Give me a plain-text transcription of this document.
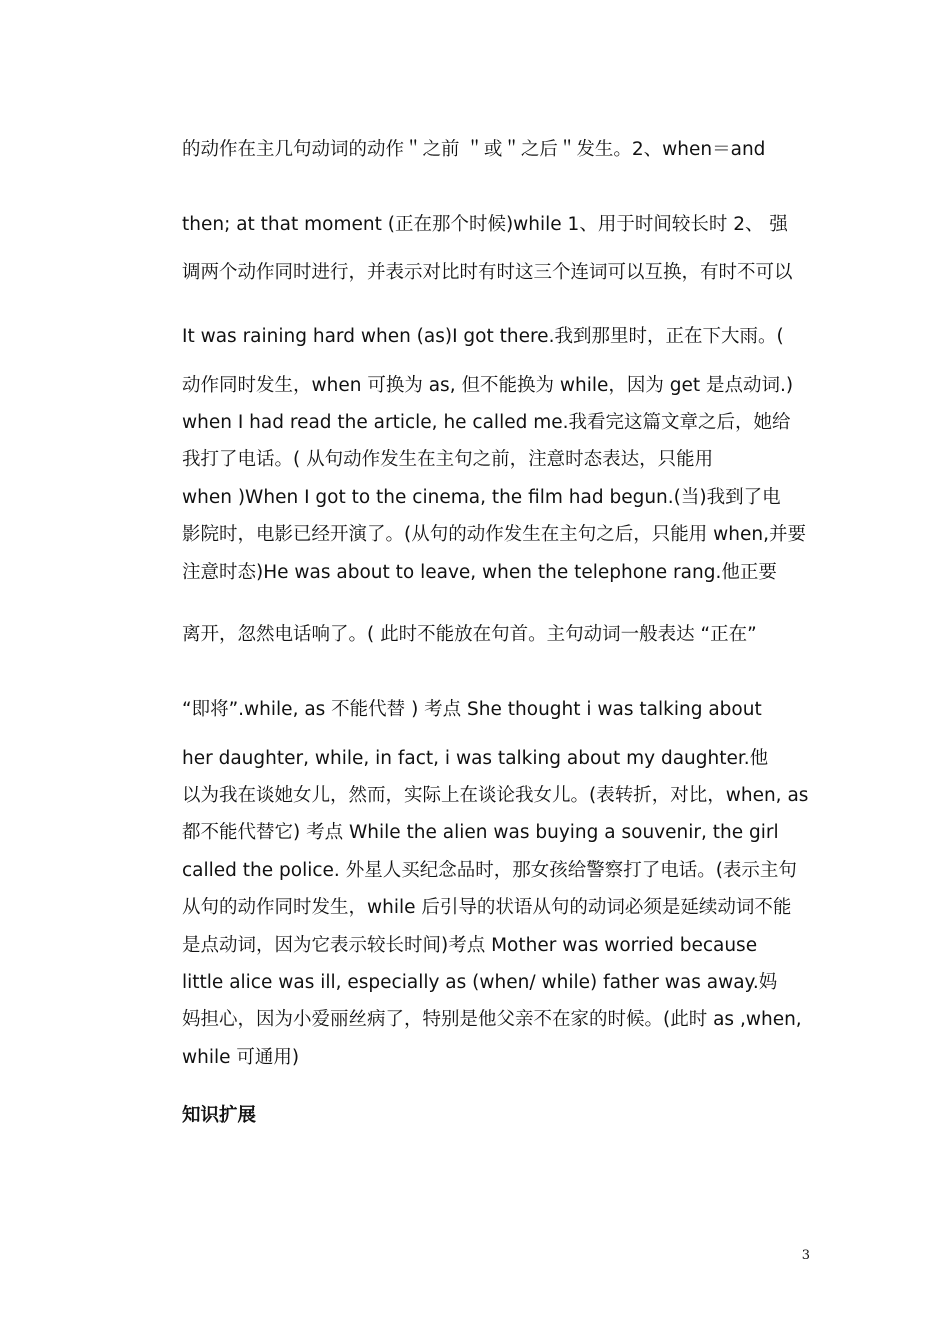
的动作在主几句动词的动作＂之前 ＂或＂之后＂发生。2、when＝and
then; at that moment (正在那个时候)while 1、用于时间较长时 2、 强
调两个动作同时进行，并表示对比时有时这三个连词可以互换，有时不可以
It was raining hard when (as)I got there.我到那里时，正在下大雨。(
动作同时发生，when 可换为 as, 但不能换为 while，因为 get 是点动词.)
when I had read the article, he called me.我看完这篇文章之后，她给
我打了电话。( 从句动作发生在主句之前，注意时态表达，只能用
when )When I got to the cinema, the film had begun.(当)我到了电
影院时，电影已经开演了。(从句的动作发生在主句之后，只能用 when,并要
注意时态)He was about to leave, when the telephone rang.他正要
离开，忽然电话响了。( 此时不能放在句首。主句动词一般表达 “正在”
“即将”.while, as 不能代替 ) 考点 She thought i was talking about
her daughter, while, in fact, i was talking about my daughter.他
以为我在谈她女儿，然而，实际上在谈论我女儿。(表转折，对比，when, as
都不能代替它) 考点 While the alien was buying a souvenir, the girl
called the police. 外星人买纪念品时，那女孩给警察打了电话。(表示主句
从句的动作同时发生，while 后引导的状语从句的动词必须是延续动词不能
是点动词，因为它表示较长时间)考点 Mother was worried because
little alice was ill, especially as (when/ while) father was away.妈
妈担心，因为小爱丽丝病了，特别是他父亲不在家的时候。(此时 as ,when,
while 可通用)
知识扩展
3
